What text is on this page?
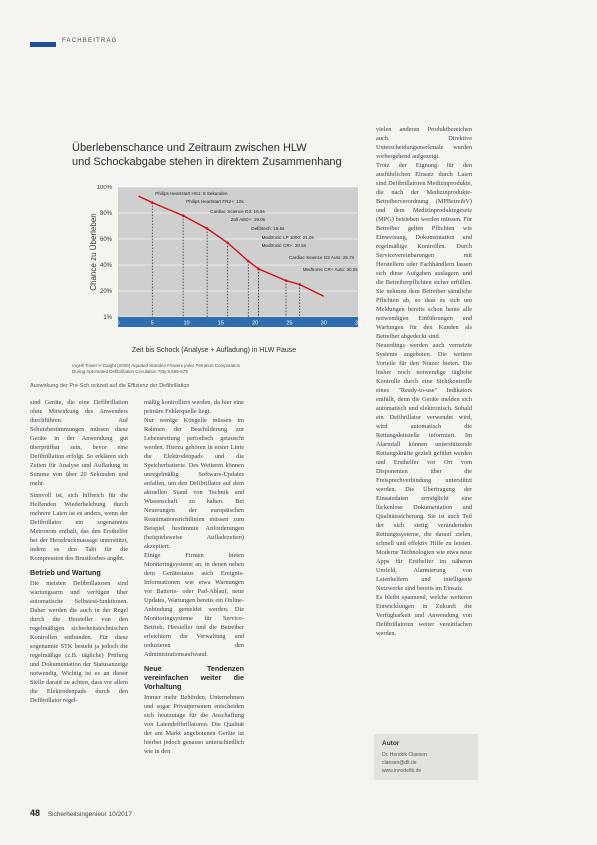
FACHBEITRAG
Überlebenschance und Zeitraum zwischen HLW
und Schockabgabe stehen in direktem Zusammenhang
100%
80%
60%
40%
20%
1%
Chance zu Überleben
0	5	10	15	20	25	30	35
Philips Heartstart HS1: 8 Sekunden
Philips Heartstart FR2+: 10s
Cardiac Science G3: 16.5s
Zoll AED+: 19.0s
Defibtech: 19.5s
Medtronic LP 1000: 21.0s
Medtronic CR+: 20.5s
Cardiac Science G3 Auto: 25.7s
Medtronic CR+ Auto: 30.0s
Zeit bis Schock (Analyse + Aufladung) in HLW Pause
IAgHll Tower H Daight (2009) Aquated Standen Flowers jeder Petration Computation
During Automated Defibrillation Circulation 70ty 5.555-575
Auswirkung der Pre-Sch ockzeit auf die Effizienz der Defibrillation

sind Geräte, die eine Defibrillation ohne Mitwirkung des Anwenders durchführen. Auf Schutzbestimmungen müssen diese Geräte in der Anwendung gut überprüfbar sein, bevor eine Defibrillation erfolgt. So erklären sich Zeiten für Analyse und Aufladung in Summe von über 20 Sekunden und mehr.

Sinnvoll ist, sich hilfreich für die Helfenden Wiederbelebung durch mehrere Laien ist es anders, wenn der Defibrillator ein sogenanntes Metronom enthält, das den Ersthelfer bei der Herzdruckmassage unterstützt, indem es den Takt für die Kompression des Brustkorbes angibt.

Betrieb und Wartung

Die meisten Defibrillatoren sind wartungsarm und verfügen über automatische Selbstest-funktionen. Daher werden die auch in der Regel durch die Hersteller von den regelmäßigen sicherheitstechnischen Kontrollen entbunden. Für diese sogenannte STK besteht ja jedoch die regelmäßige (z.B. tägliche) Prüfung und Dokumentation der Statusanzeige notwendig. Wichtig ist es an dieser Stelle darauf zu achten, dass vor allem die Elektrodenpads durch den Defibrillator regel-

mäßig kontrolliert werden, da hier eine primäre Fehlerquelle liegt.

Nur wenige Kongelle müssen im Rahmen der Beschilderung zur Lebensrettung periodisch getauscht werden. Hierzu gehören in erster Linie die Elektrodenpads und die Speicherbatterie. Des Weiteren können unregelmäßig Software-Updates anfallen, um den Defibrillator auf dem aktuellen Stand von Technik und Wissenschaft zu halten. Bei Neuerungen der europäischen Reanimationsrichtlinien müssen zum Beispiel bestimmte Anforderungen (beispielsweise Aufladezeiten) akzeptiert.

Einige Firmen bieten Monitoringsysteme an, in denen neben dem Gerätestatus auch Ereignis-Informationen wie etwa Warnungen vor Batterie- oder Pad-Ablauf, neue Updates, Wartungen bereits ein Online-Anbindung gemeldet werden. Die Monitoringsysteme für Service-Betrieb, Hersteller und die Betreiber erleichtern die Verwaltung und reduzieren den Administrationsaufwand.

Neue Tendenzen vereinfachen weiter die Vorhaltung

Immer mehr Behörden, Unternehmen und sogar Privatpersonen entscheiden sich heutzutage für die Anschaffung von Laiendefibrillatoren. Die Qualität der am Markt angebotenen Geräte ist hierbei jedoch genauso unterschiedlich wie in den

vielen anderen Produktbereichen auch. Direktive Unterscheidungsmerkmale wurden vorhergehend aufgezeigt.

Trotz der Eignung für den ausführlichen Einsatz durch Laien sind Defibrillatoren Medizinprodukte, die nach der Medizinprodukte-Betreiberverordnung (MPBetreibV) und dem Medizinproduktegesetz (MPG) betrieben werden müssen. Für Betreiber gelten Pflichten wie Einweisung, Dokumentation und regelmäßige Kontrollen. Durch Servicevereinbarungen mit Herstellern oder Fachhändlern lassen sich diese Aufgaben auslagern und die Betreiberpflichten sicher erfüllen. Sie nehmen dem Betreiber sämtliche Pflichten ab, so dass es sich um Meldungen bereits schon heute alle notwendigen Einführungen und Wartungen für den Kunden als Betreiber abgedeckt sind.

Neuerdings werden auch vernetzte Systeme angeboten. Die weitere Vorteile für den Nutzer bieten. Die bisher noch notwendige tägliche Kontrolle durch eine Sichtkontrolle eines "Ready-to-use" Indikators entfällt, denn die Geräte melden sich automatisch und elektronisch. Sobald ein Defibrillator verwendet wird, wird automatisch die Rettungsleitstelle informiert. Im Alarmfall können unterstützende Rettungskräfte gezielt geführt werden und Ersthelfer vor Ort vom Disponenten über die Freisprechverbindung unterstützt werden. Die Übertragung der Einsatzdaten ermöglicht eine lückenlose Dokumentation und Qualitätssicherung. Sie ist auch Teil der sich stetig verändernden Rettungssysteme, die darauf zielen, schnell und effektiv Hilfe zu leisten. Moderne Technologien wie etwa neue Apps für Ersthelfer im näheren Umfeld, Alarmierung von Laienhelfern und intelligente Netzwerke sind bereits im Einsatz.

Es bleibt spannend, welche weiteren Entwicklungen in Zukunft die Verfügbarkeit und Anwendung von Defibrillatoren weiter vereinfachen werden.

Autor
Dr. Hendrik Claesen
claesen@dlt.de
www.innodefib.de
48 Sicherheitsingenieur 10/2017
